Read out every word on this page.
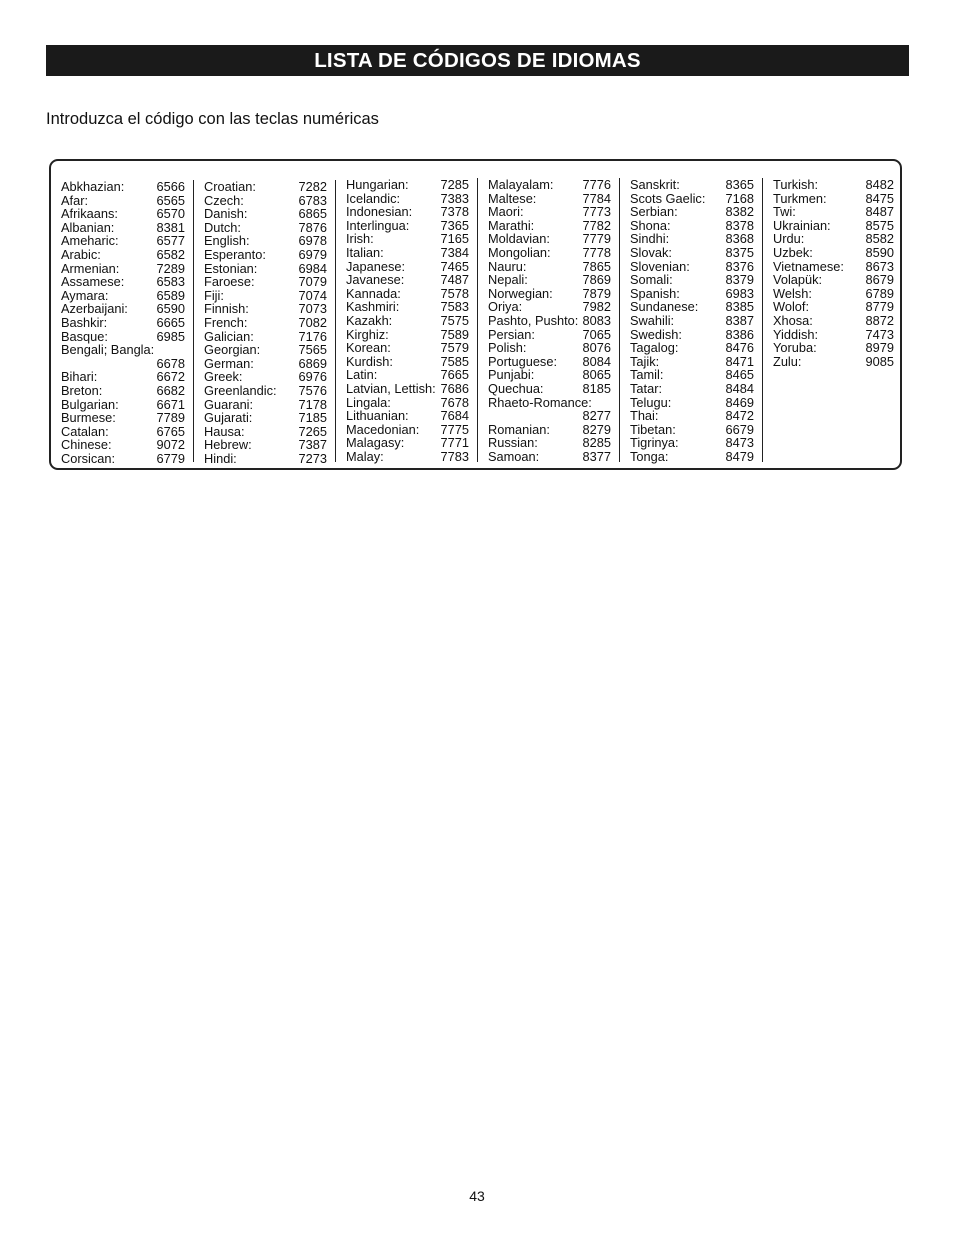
LISTA DE CÓDIGOS DE IDIOMAS
Introduzca el código con las teclas numéricas
Abkhazian:	6566
Afar:	6565
Afrikaans:	6570
Albanian:	8381
Ameharic:	6577
Arabic:	6582
Armenian:	7289
Assamese:	6583
Aymara:	6589
Azerbaijani: 6590
Bashkir:	6665
Basque:	6985
Bengali; Bangla:
6678
Bihari:	6672
Breton:	6682
Bulgarian:	6671
Burmese:	7789
Catalan:	6765
Chinese:	9072
Corsican:	6779
Croatian:	7282
Czech:	6783
Danish:	6865
Dutch:	7876
English:	6978
Esperanto:	6979
Estonian:	6984
Faroese:	7079
Fiji:	7074
Finnish:	7073
French:	7082
Galician:	7176
Georgian:	7565
German:	6869
Greek:	6976
Greenlandic: 7576
Guarani:	7178
Gujarati:	7185
Hausa:	7265
Hebrew:	7387
Hindi:	7273
Hungarian: 7285
Icelandic:	7383
Indonesian: 7378
Interlingua: 7365
Irish:	7165
Italian:	7384
Japanese:	7465
Javanese:	7487
Kannada:	7578
Kashmiri:	7583
Kazakh:	7575
Kirghiz:	7589
Korean:	7579
Kurdish:	7585
Latin:	7665
Latvian, Lettish: 7686
Lingala:	7678
Lithuanian: 7684
Macedonian: 7775
Malagasy:	7771
Malay:	7783
Malayalam: 7776
Maltese:	7784
Maori:	7773
Marathi:	7782
Moldavian:	7779
Mongolian: 7778
Nauru:	7865
Nepali:	7869
Norwegian: 7879
Oriya:	7982
Pashto, Pushto: 8083
Persian:	7065
Polish:	8076
Portuguese: 8084
Punjabi:	8065
Quechua:	8185
Rhaeto-Romance:
8277
Romanian:	8279
Russian:	8285
Samoan:	8377
Sanskrit:	8365
Scots Gaelic: 7168
Serbian:	8382
Shona:	8378
Sindhi:	8368
Slovak:	8375
Slovenian:	8376
Somali:	8379
Spanish:	6983
Sundanese: 8385
Swahili:	8387
Swedish:	8386
Tagalog:	8476
Tajik:	8471
Tamil:	8465
Tatar:	8484
Telugu:	8469
Thai:	8472
Tibetan:	6679
Tigrinya:	8473
Tonga:	8479
Turkish:	8482
Turkmen:	8475
Twi:	8487
Ukrainian:	8575
Urdu:	8582
Uzbek:	8590
Vietnamese: 8673
Volapük:	8679
Welsh:	6789
Wolof:	8779
Xhosa:	8872
Yiddish:	7473
Yoruba:	8979
Zulu:	9085
43
